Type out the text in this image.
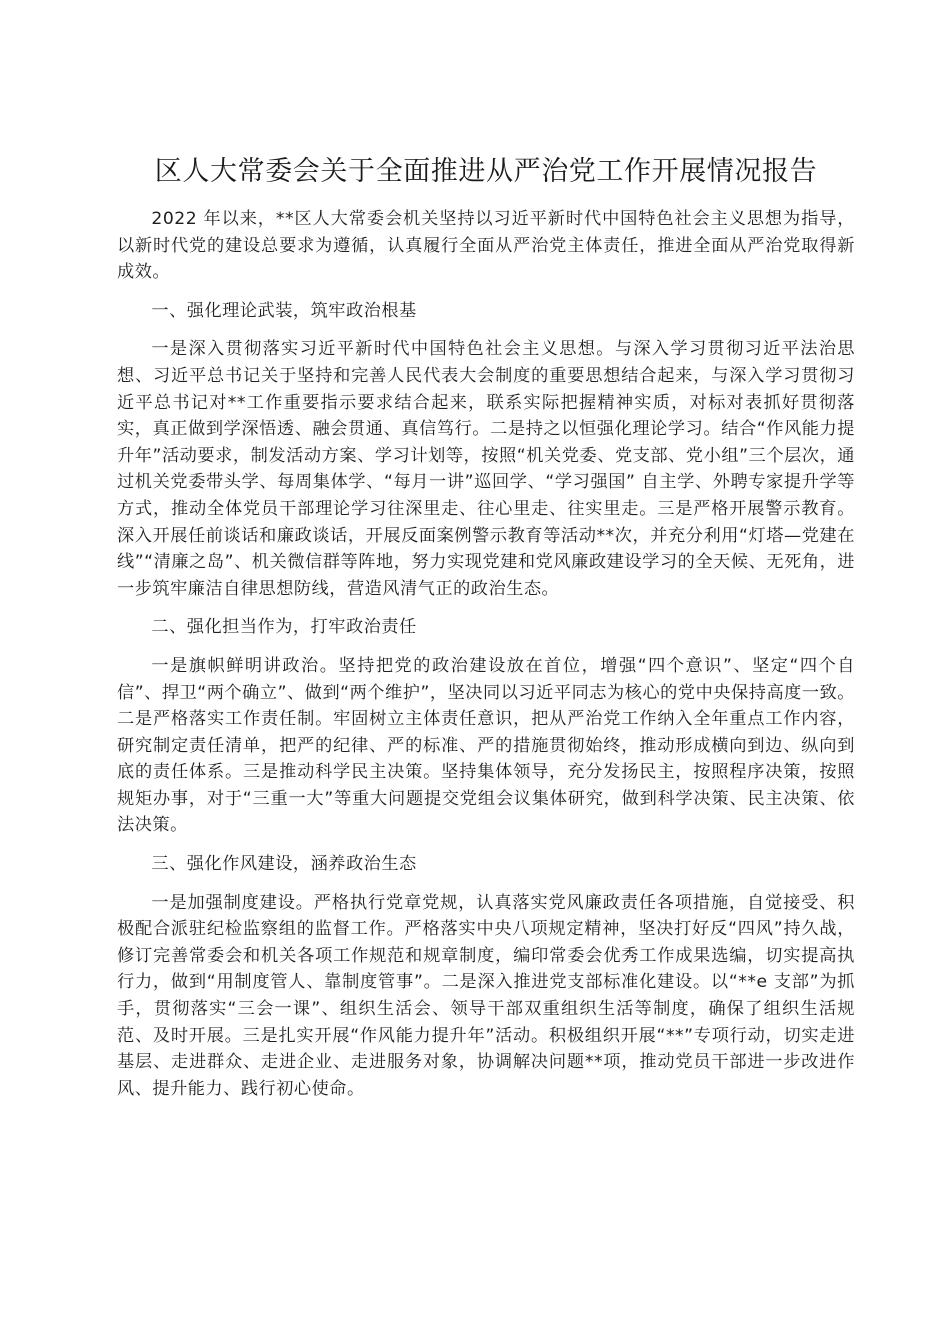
区人大常委会关于全面推进从严治党工作开展情况报告

2022 年以来，**区人大常委会机关坚持以习近平新时代中国特色社会主义思想为指导，以新时代党的建设总要求为遵循，认真履行全面从严治党主体责任，推进全面从严治党取得新成效。

一、强化理论武装，筑牢政治根基

一是深入贯彻落实习近平新时代中国特色社会主义思想。与深入学习贯彻习近平法治思想、习近平总书记关于坚持和完善人民代表大会制度的重要思想结合起来，与深入学习贯彻习近平总书记对**工作重要指示要求结合起来，联系实际把握精神实质，对标对表抓好贯彻落实，真正做到学深悟透、融会贯通、真信笃行。二是持之以恒强化理论学习。结合“作风能力提升年”活动要求，制发活动方案、学习计划等，按照“机关党委、党支部、党小组”三个层次，通过机关党委带头学、每周集体学、“每月一讲”巡回学、“学习强国” 自主学、外聘专家提升学等方式，推动全体党员干部理论学习往深里走、往心里走、往实里走。三是严格开展警示教育。深入开展任前谈话和廉政谈话，开展反面案例警示教育等活动**次，并充分利用“灯塔—党建在线”“清廉之岛”、机关微信群等阵地，努力实现党建和党风廉政建设学习的全天候、无死角，进一步筑牢廉洁自律思想防线，营造风清气正的政治生态。

二、强化担当作为，打牢政治责任

一是旗帜鲜明讲政治。坚持把党的政治建设放在首位，增强“四个意识”、坚定“四个自信”、捍卫“两个确立”、做到“两个维护”，坚决同以习近平同志为核心的党中央保持高度一致。二是严格落实工作责任制。牢固树立主体责任意识，把从严治党工作纳入全年重点工作内容，研究制定责任清单，把严的纪律、严的标准、严的措施贯彻始终，推动形成横向到边、纵向到底的责任体系。三是推动科学民主决策。坚持集体领导，充分发扬民主，按照程序决策，按照规矩办事，对于“三重一大”等重大问题提交党组会议集体研究，做到科学决策、民主决策、依法决策。

三、强化作风建设，涵养政治生态

一是加强制度建设。严格执行党章党规，认真落实党风廉政责任各项措施，自觉接受、积极配合派驻纪检监察组的监督工作。严格落实中央八项规定精神，坚决打好反“四风”持久战，修订完善常委会和机关各项工作规范和规章制度，编印常委会优秀工作成果选编，切实提高执行力，做到“用制度管人、靠制度管事”。二是深入推进党支部标准化建设。以“**e 支部”为抓手，贯彻落实“三会一课”、组织生活会、领导干部双重组织生活等制度，确保了组织生活规范、及时开展。三是扎实开展“作风能力提升年”活动。积极组织开展“**”专项行动，切实走进基层、走进群众、走进企业、走进服务对象，协调解决问题**项，推动党员干部进一步改进作风、提升能力、践行初心使命。
